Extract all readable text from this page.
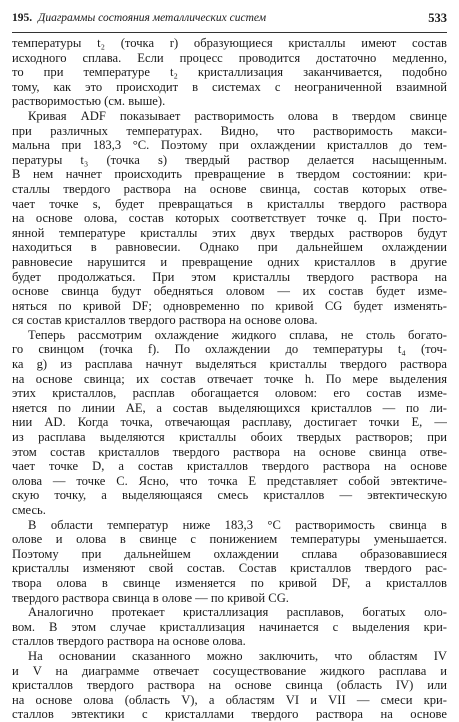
195. Диаграммы состояния металлических систем	533
температуры t₂ (точка r) образующиеся кристаллы имеют состав
исходного сплава. Если процесс проводится достаточно медленно,
то при температуре t₂ кристаллизация заканчивается, подобно
тому, как это происходит в системах с неограниченной взаимной
растворимостью (см. выше).
Кривая ADF показывает растворимость олова в твердом свинце
при различных температурах. Видно, что растворимость макси-
мальна при 183,3 °C. Поэтому при охлаждении кристаллов до тем-
пературы t₃ (точка s) твердый раствор делается насыщенным.
В нем начнет происходить превращение в твердом состоянии: кри-
сталлы твердого раствора на основе свинца, состав которых отве-
чает точке s, будет превращаться в кристаллы твердого раствора
на основе олова, состав которых соответствует точке q. При посто-
янной температуре кристаллы этих двух твердых растворов будут
находиться в равновесии. Однако при дальнейшем охлаждении
равновесие нарушится и превращение одних кристаллов в другие
будет продолжаться. При этом кристаллы твердого раствора на
основе свинца будут обедняться оловом — их состав будет изме-
няться по кривой DF; одновременно по кривой CG будет изменять-
ся состав кристаллов твердого раствора на основе олова.
Теперь рассмотрим охлаждение жидкого сплава, не столь богато-
го свинцом (точка f). По охлаждении до температуры t₄ (точ-
ка g) из расплава начнут выделяться кристаллы твердого раствора
на основе свинца; их состав отвечает точке h. По мере выделения
этих кристаллов, расплав обогащается оловом: его состав изме-
няется по линии AE, а состав выделяющихся кристаллов — по ли-
нии AD. Когда точка, отвечающая расплаву, достигает точки E, —
из расплава выделяются кристаллы обоих твердых растворов; при
этом состав кристаллов твердого раствора на основе свинца отве-
чает точке D, а состав кристаллов твердого раствора на основе
олова — точке C. Ясно, что точка E представляет собой эвтектиче-
скую точку, а выделяющаяся смесь кристаллов — эвтектическую
смесь.
В области температур ниже 183,3 °C растворимость свинца в
олове и олова в свинце с понижением температуры уменьшается.
Поэтому при дальнейшем охлаждении сплава образовавшиеся
кристаллы изменяют свой состав. Состав кристаллов твердого рас-
твора олова в свинце изменяется по кривой DF, а кристаллов
твердого раствора свинца в олове — по кривой CG.
Аналогично протекает кристаллизация расплавов, богатых оло-
вом. В этом случае кристаллизация начинается с выделения кри-
сталлов твердого раствора на основе олова.
На основании сказанного можно заключить, что областям IV
и V на диаграмме отвечает сосуществование жидкого расплава и
кристаллов твердого раствора на основе свинца (область IV) или
на основе олова (область V), а областям VI и VII — смеси кри-
сталлов эвтектики с кристаллами твердого раствора на основе
